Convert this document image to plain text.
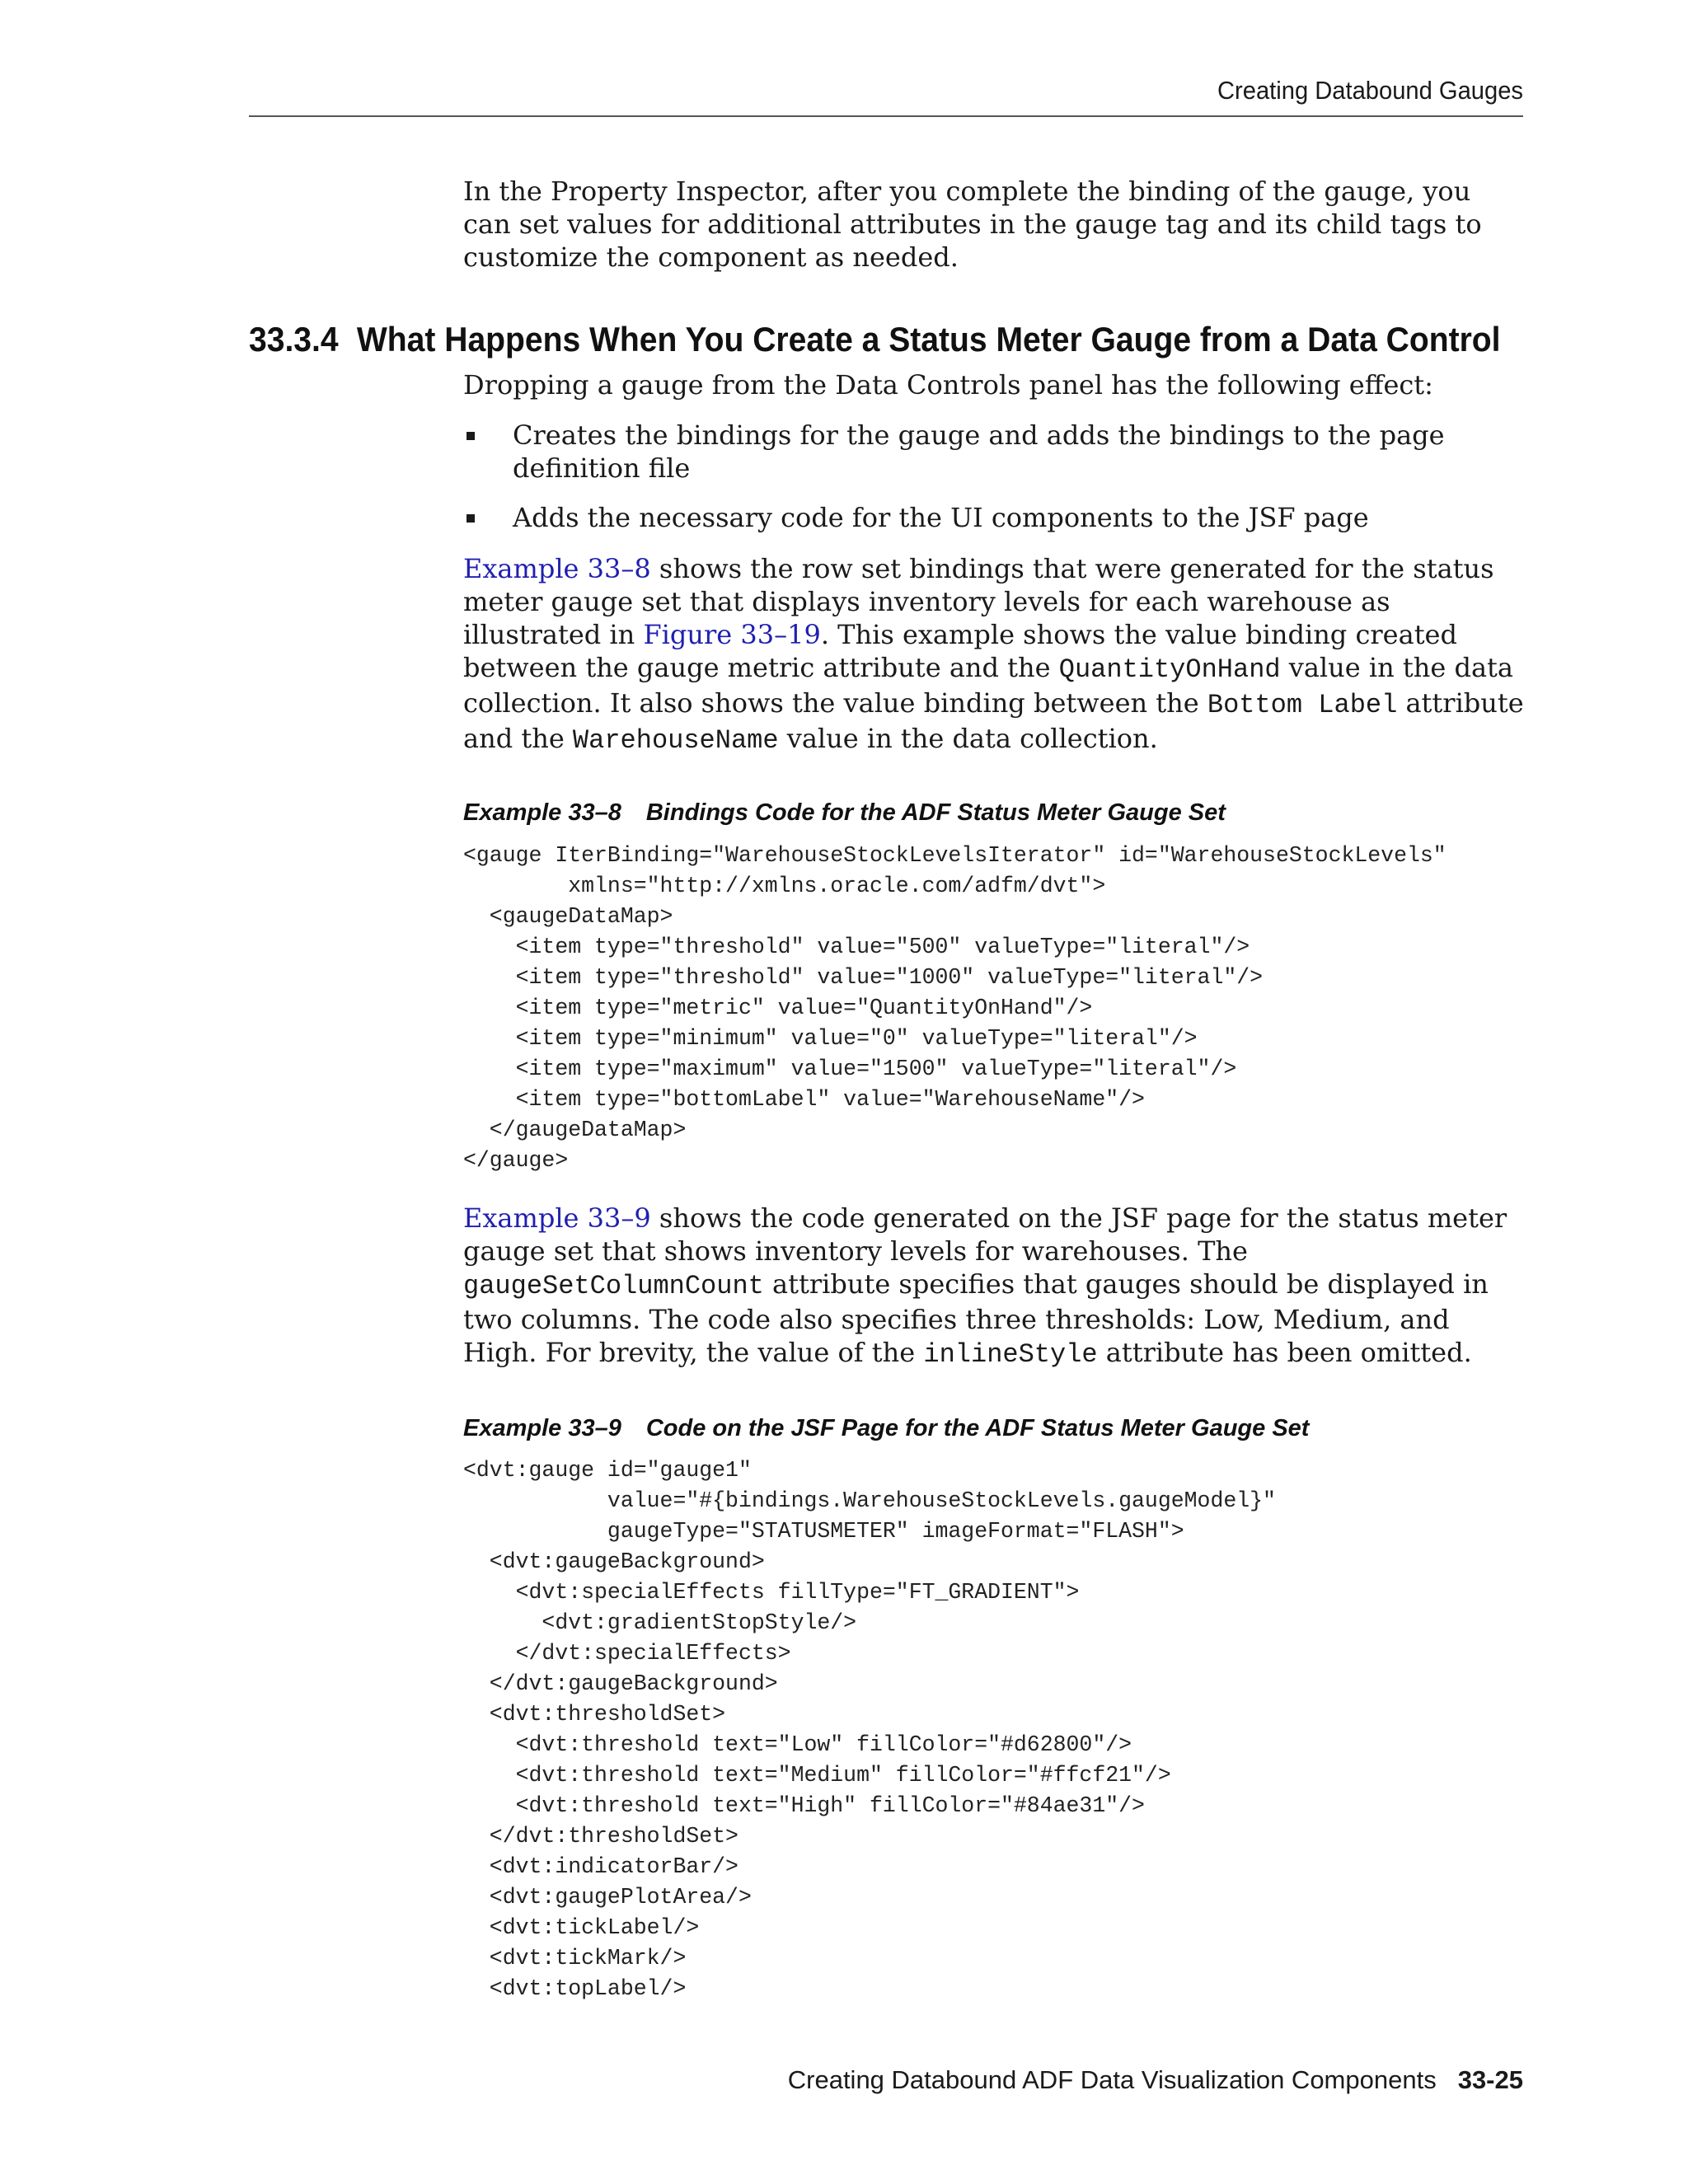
Creating Databound Gauges

In the Property Inspector, after you complete the binding of the gauge, you can set values for additional attributes in the gauge tag and its child tags to customize the component as needed.

33.3.4 What Happens When You Create a Status Meter Gauge from a Data Control

Dropping a gauge from the Data Controls panel has the following effect:

Creates the bindings for the gauge and adds the bindings to the page definition file
Adds the necessary code for the UI components to the JSF page

Example 33–8 shows the row set bindings that were generated for the status meter gauge set that displays inventory levels for each warehouse as illustrated in Figure 33–19. This example shows the value binding created between the gauge metric attribute and the QuantityOnHand value in the data collection. It also shows the value binding between the Bottom Label attribute and the WarehouseName value in the data collection.

Example 33–8 Bindings Code for the ADF Status Meter Gauge Set
<gauge IterBinding="WarehouseStockLevelsIterator" id="WarehouseStockLevels"
xmlns="http://xmlns.oracle.com/adfm/dvt">
<gaugeDataMap>
<item type="threshold" value="500" valueType="literal"/>
<item type="threshold" value="1000" valueType="literal"/>
<item type="metric" value="QuantityOnHand"/>
<item type="minimum" value="0" valueType="literal"/>
<item type="maximum" value="1500" valueType="literal"/>
<item type="bottomLabel" value="WarehouseName"/>
</gaugeDataMap>
</gauge>

Example 33–9 shows the code generated on the JSF page for the status meter gauge set that shows inventory levels for warehouses. The gaugeSetColumnCount attribute specifies that gauges should be displayed in two columns. The code also specifies three thresholds: Low, Medium, and High. For brevity, the value of the inlineStyle attribute has been omitted.

Example 33–9 Code on the JSF Page for the ADF Status Meter Gauge Set
<dvt:gauge id="gauge1"
value="#{bindings.WarehouseStockLevels.gaugeModel}"
gaugeType="STATUSMETER" imageFormat="FLASH">
<dvt:gaugeBackground>
<dvt:specialEffects fillType="FT_GRADIENT">
<dvt:gradientStopStyle/>
</dvt:specialEffects>
</dvt:gaugeBackground>
<dvt:thresholdSet>
<dvt:threshold text="Low" fillColor="#d62800"/>
<dvt:threshold text="Medium" fillColor="#ffcf21"/>
<dvt:threshold text="High" fillColor="#84ae31"/>
</dvt:thresholdSet>
<dvt:indicatorBar/>
<dvt:gaugePlotArea/>
<dvt:tickLabel/>
<dvt:tickMark/>
<dvt:topLabel/>
Creating Databound ADF Data Visualization Components 33-25
